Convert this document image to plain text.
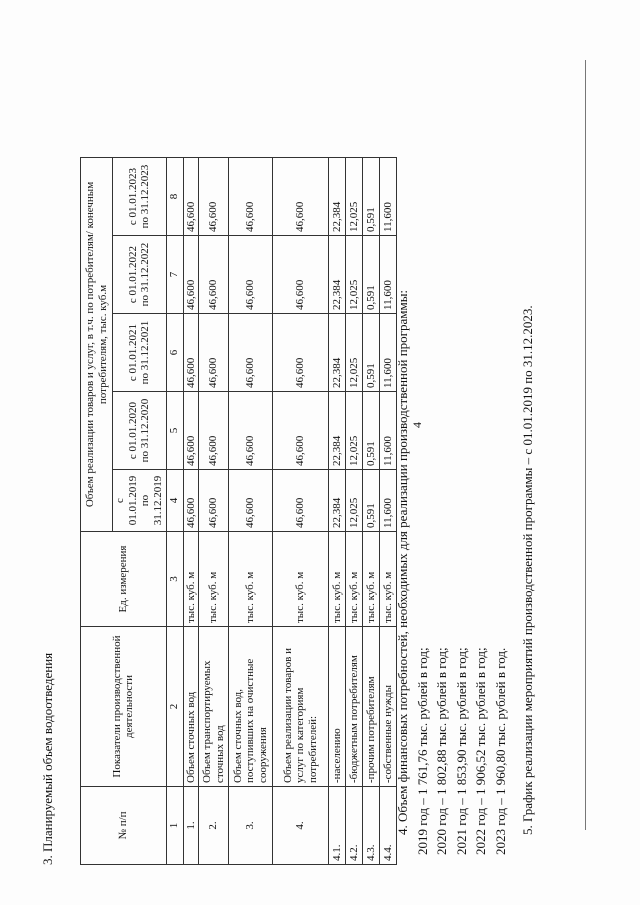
4
3. Планируемый объем водоотведения	№ п/п	Показатели производственной деятельности	Ед. измерения	Объем реализации товаров и услуг, в т.ч. по потребителям/ конечным потребителям, тыс. куб.м				
			с 01.01.2019 по 31.12.2019	с 01.01.2020 по 31.12.2020	с 01.01.2021 по 31.12.2021	с 01.01.2022 по 31.12.2022	с 01.01.2023 по 31.12.2023
1	2	3	4	5	6	7	8
1.	Объем сточных вод	тыс. куб. м	46,600	46,600	46,600	46,600	46,600
2.	Объем транспортируемых сточных вод	тыс. куб. м	46,600	46,600	46,600	46,600	46,600
3.	Объем сточных вод, поступивших на очистные сооружения	тыс. куб. м	46,600	46,600	46,600	46,600	46,600
4.	Объем реализации товаров и услуг по категориям потребителей:	тыс. куб. м	46,600	46,600	46,600	46,600	46,600
4.1.	-населению	тыс. куб. м	22,384	22,384	22,384	22,384	22,384
4.2.	-бюджетным потребителям	тыс. куб. м	12,025	12,025	12,025	12,025	12,025
4.3.	-прочим потребителям	тыс. куб. м	0,591	0,591	0,591	0,591	0,591
4.4.	-собственные нужды	тыс. куб. м	11,600	11,600	11,600	11,600	11,600
4. Объем финансовых потребностей, необходимых для реализации производственной программы: 2019 год – 1 761,76 тыс. рублей в год; 2020 год – 1 802,88 тыс. рублей в год; 2021 год – 1 853,90 тыс. рублей в год; 2022 год – 1 906,52 тыс. рублей в год; 2023 год – 1 960,80 тыс. рублей в год. 5. График реализации мероприятий производственной программы – с 01.01.2019 по 31.12.2023.
